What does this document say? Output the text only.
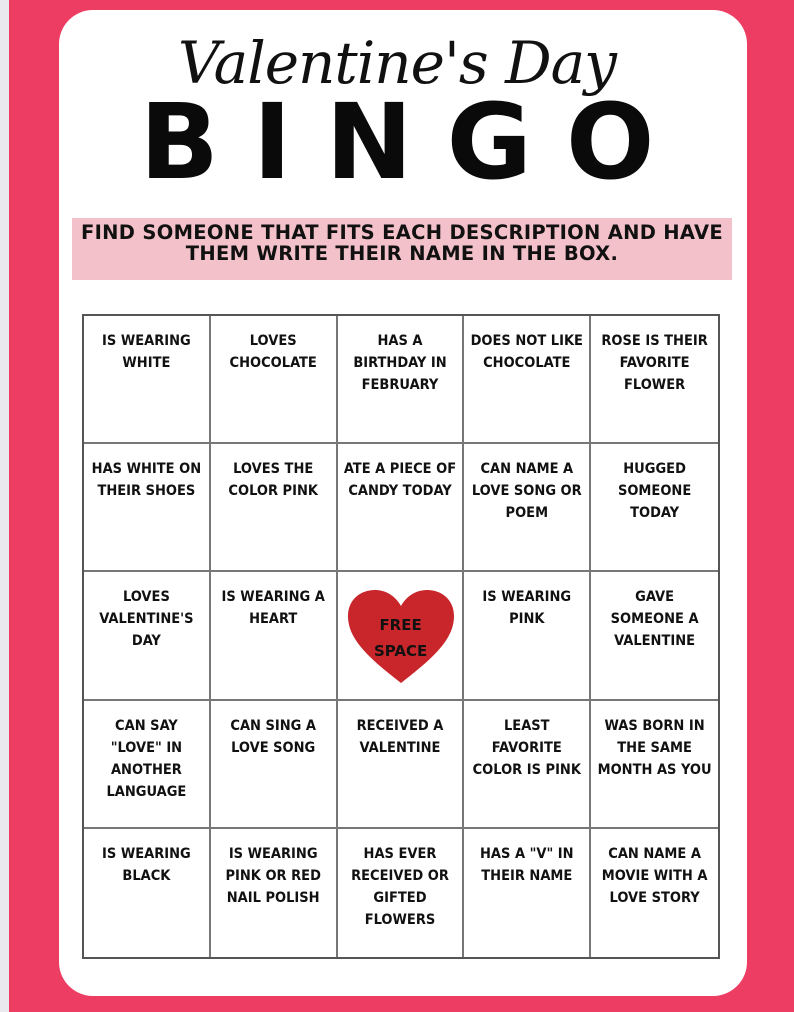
Valentine's Day
BINGO
FIND SOMEONE THAT FITS EACH DESCRIPTION AND HAVE
THEM WRITE THEIR NAME IN THE BOX.
IS WEARING WHITE
LOVES CHOCOLATE
HAS A BIRTHDAY IN FEBRUARY
DOES NOT LIKE CHOCOLATE
ROSE IS THEIR FAVORITE FLOWER
HAS WHITE ON THEIR SHOES
LOVES THE COLOR PINK
ATE A PIECE OF CANDY TODAY
CAN NAME A LOVE SONG OR POEM
HUGGED SOMEONE TODAY
LOVES VALENTINE'S DAY
IS WEARING A HEART	FREE
SPACE
IS WEARING PINK
GAVE SOMEONE A VALENTINE
CAN SAY "LOVE" IN ANOTHER LANGUAGE
CAN SING A LOVE SONG
RECEIVED A VALENTINE
LEAST FAVORITE COLOR IS PINK
WAS BORN IN THE SAME MONTH AS YOU
IS WEARING BLACK
IS WEARING PINK OR RED NAIL POLISH
HAS EVER RECEIVED OR GIFTED FLOWERS
HAS A "V" IN THEIR NAME
CAN NAME A MOVIE WITH A LOVE STORY
